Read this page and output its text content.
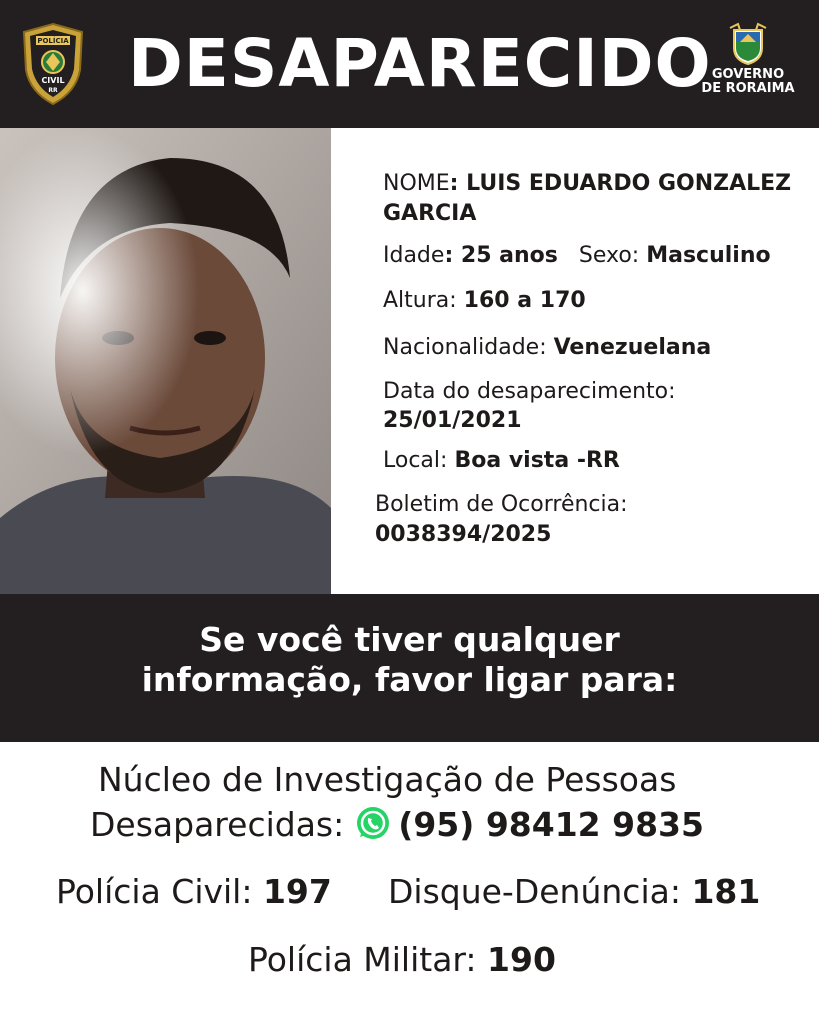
POLÍCIA
CIVIL
RR DESAPARECIDO GOVERNO
DE RORAIMA
NOME: LUIS EDUARDO GONZALEZ
GARCIA
Idade: 25 anos Sexo: Masculino
Altura: 160 a 170
Nacionalidade: Venezuelana
Data do desaparecimento:
25/01/2021
Local: Boa vista -RR
Boletim de Ocorrência:
0038394/2025
Se você tiver qualquer
informação, favor ligar para:
Núcleo de Investigação de Pessoas
Desaparecidas: (95) 98412 9835
Polícia Civil: 197 Disque-Denúncia: 181
Polícia Militar: 190
